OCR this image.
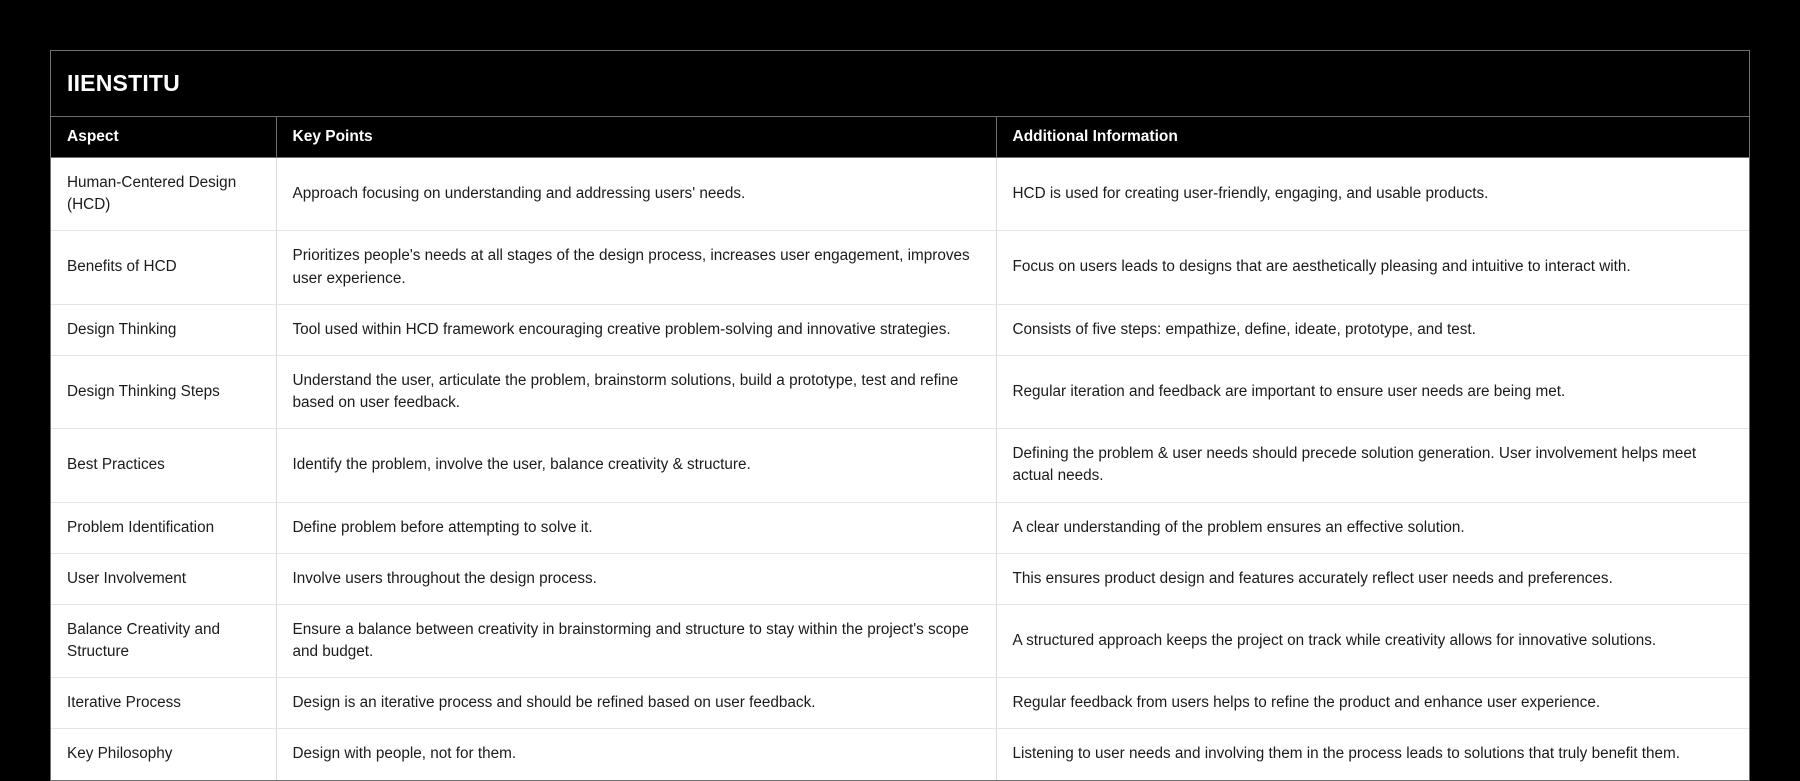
IIENSTITU
Aspect	Key Points	Additional Information
Human-Centered Design (HCD)	Approach focusing on understanding and addressing users' needs.	HCD is used for creating user-friendly, engaging, and usable products.
Benefits of HCD	Prioritizes people's needs at all stages of the design process, increases user engagement, improves user experience.	Focus on users leads to designs that are aesthetically pleasing and intuitive to interact with.
Design Thinking	Tool used within HCD framework encouraging creative problem-solving and innovative strategies.	Consists of five steps: empathize, define, ideate, prototype, and test.
Design Thinking Steps	Understand the user, articulate the problem, brainstorm solutions, build a prototype, test and refine based on user feedback.	Regular iteration and feedback are important to ensure user needs are being met.
Best Practices	Identify the problem, involve the user, balance creativity & structure.	Defining the problem & user needs should precede solution generation. User involvement helps meet actual needs.
Problem Identification	Define problem before attempting to solve it.	A clear understanding of the problem ensures an effective solution.
User Involvement	Involve users throughout the design process.	This ensures product design and features accurately reflect user needs and preferences.
Balance Creativity and Structure	Ensure a balance between creativity in brainstorming and structure to stay within the project's scope and budget.	A structured approach keeps the project on track while creativity allows for innovative solutions.
Iterative Process	Design is an iterative process and should be refined based on user feedback.	Regular feedback from users helps to refine the product and enhance user experience.
Key Philosophy	Design with people, not for them.	Listening to user needs and involving them in the process leads to solutions that truly benefit them.
